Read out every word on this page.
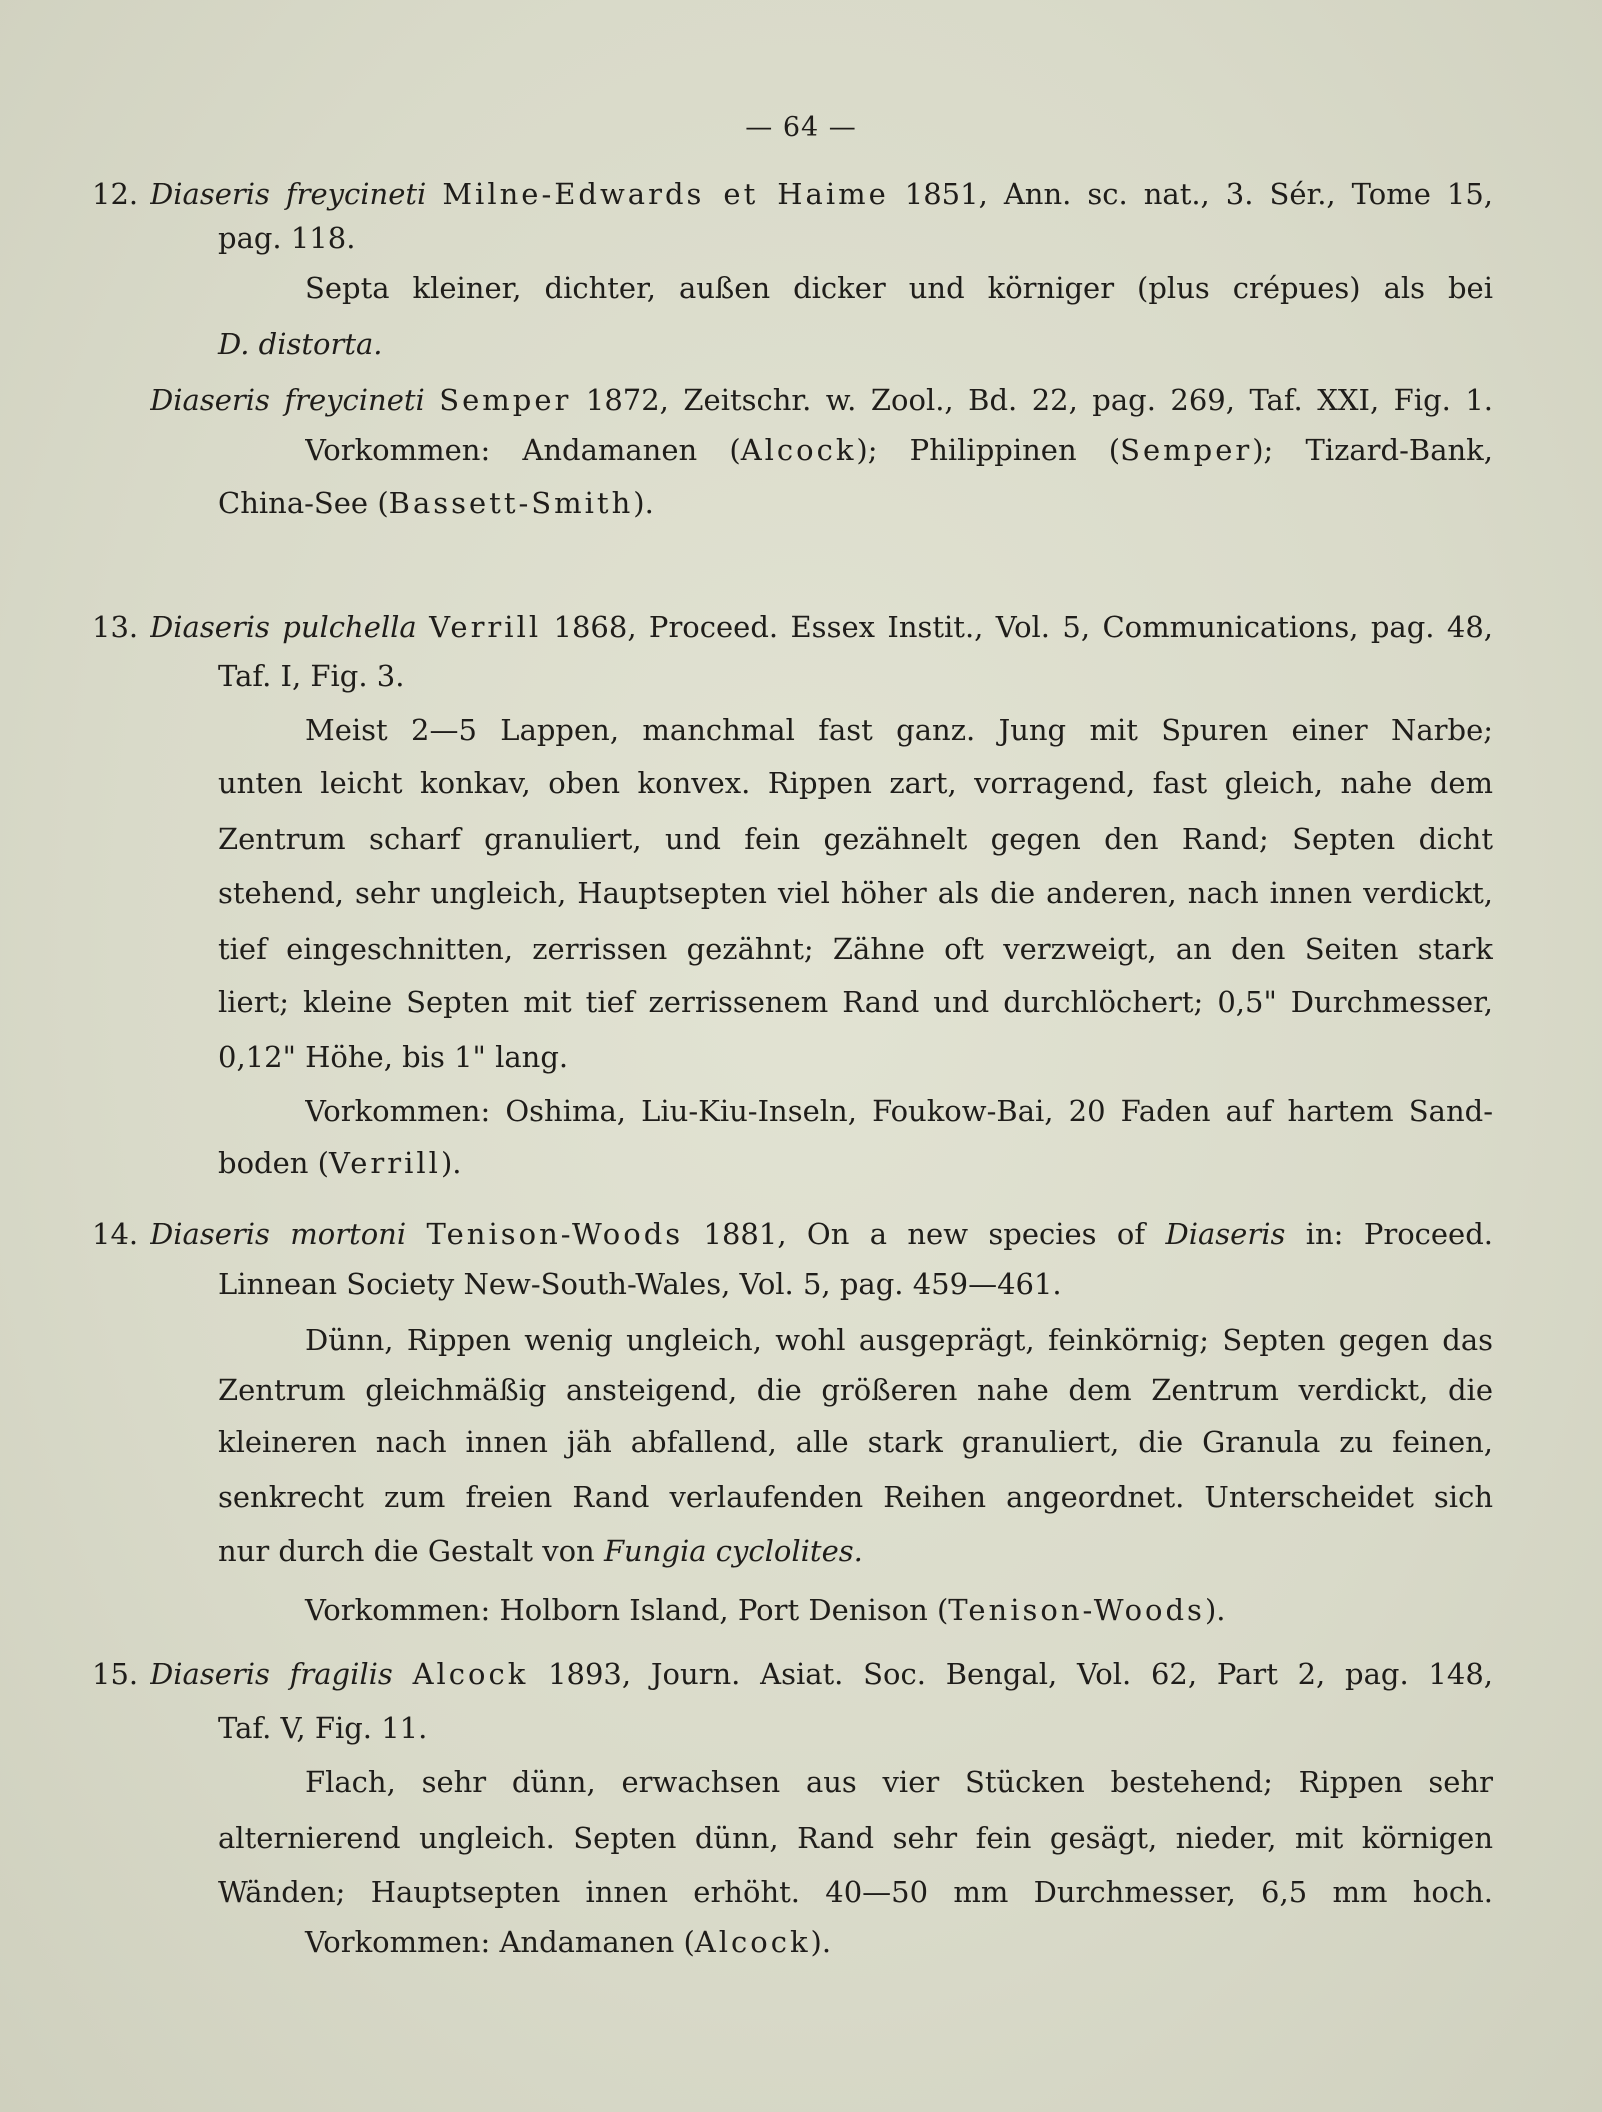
— 64 —
12. Diaseris freycineti Milne-Edwards et Haime 1851, Ann. sc. nat., 3. Sér., Tome 15,
pag. 118.
Septa kleiner, dichter, außen dicker und körniger (plus crépues) als bei
D. distorta.
Diaseris freycineti Semper 1872, Zeitschr. w. Zool., Bd. 22, pag. 269, Taf. XXI, Fig. 1.
Vorkommen: Andamanen (Alcock); Philippinen (Semper); Tizard-Bank,
China-See (Bassett-Smith).
13. Diaseris pulchella Verrill 1868, Proceed. Essex Instit., Vol. 5, Communications, pag. 48,
Taf. I, Fig. 3.
Meist 2—5 Lappen, manchmal fast ganz. Jung mit Spuren einer Narbe;
unten leicht konkav, oben konvex. Rippen zart, vorragend, fast gleich, nahe dem
Zentrum scharf granuliert, und fein gezähnelt gegen den Rand; Septen dicht
stehend, sehr ungleich, Hauptsepten viel höher als die anderen, nach innen verdickt,
tief eingeschnitten, zerrissen gezähnt; Zähne oft verzweigt, an den Seiten stark
liert; kleine Septen mit tief zerrissenem Rand und durchlöchert; 0,5" Durchmesser,
0,12" Höhe, bis 1" lang.
Vorkommen: Oshima, Liu-Kiu-Inseln, Foukow-Bai, 20 Faden auf hartem Sand-
boden (Verrill).
14. Diaseris mortoni Tenison-Woods 1881, On a new species of Diaseris in: Proceed.
Linnean Society New-South-Wales, Vol. 5, pag. 459—461.
Dünn, Rippen wenig ungleich, wohl ausgeprägt, feinkörnig; Septen gegen das
Zentrum gleichmäßig ansteigend, die größeren nahe dem Zentrum verdickt, die
kleineren nach innen jäh abfallend, alle stark granuliert, die Granula zu feinen,
senkrecht zum freien Rand verlaufenden Reihen angeordnet. Unterscheidet sich
nur durch die Gestalt von Fungia cyclolites.
Vorkommen: Holborn Island, Port Denison (Tenison-Woods).
15. Diaseris fragilis Alcock 1893, Journ. Asiat. Soc. Bengal, Vol. 62, Part 2, pag. 148,
Taf. V, Fig. 11.
Flach, sehr dünn, erwachsen aus vier Stücken bestehend; Rippen sehr
alternierend ungleich. Septen dünn, Rand sehr fein gesägt, nieder, mit körnigen
Wänden; Hauptsepten innen erhöht. 40—50 mm Durchmesser, 6,5 mm hoch.
Vorkommen: Andamanen (Alcock).
